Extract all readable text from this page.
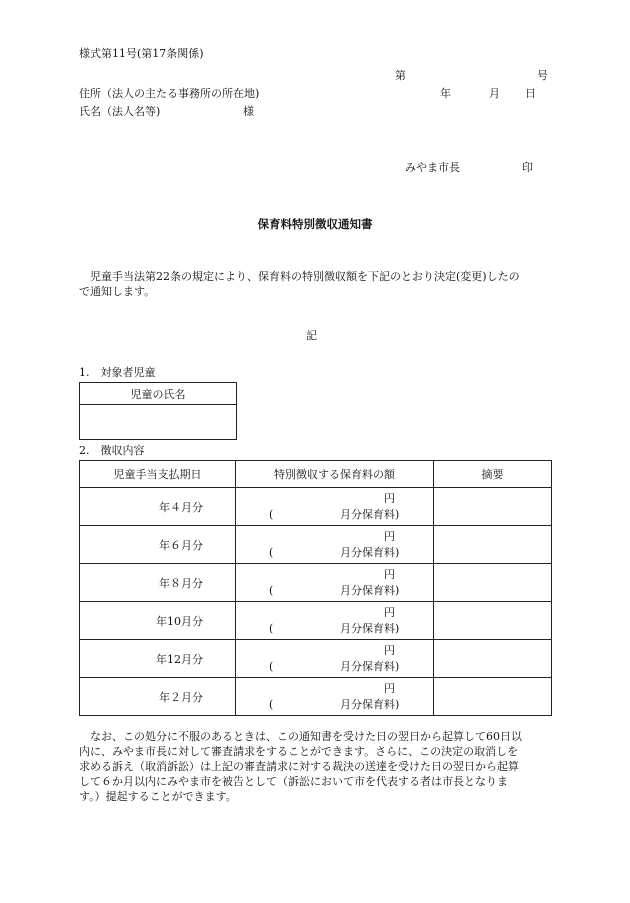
様式第11号(第17条関係)
第	号
住所（法人の主たる事務所の所在地)	年	月 日
氏名（法人名等)	様
みやま市長	印
保育料特別徴収通知書

　児童手当法第22条の規定により、保育料の特別徴収額を下記のとおり決定(変更)したの

で通知します。

記
1.　対象者児童
児童の氏名

2.　徴収内容
児童手当支払期日	特別徴収する保育料の額	摘要
年４月分	円
( 月分保育料)	

年６月分	円
( 月分保育料)	

年８月分	円
( 月分保育料)	

年10月分	円
( 月分保育料)	

年12月分	円
( 月分保育料)	

年２月分	円
( 月分保育料)	

　なお、この処分に不服のあるときは、この通知書を受けた日の翌日から起算して60日以

内に、みやま市長に対して審査請求をすることができます。さらに、この決定の取消しを

求める訴え（取消訴訟）は上記の審査請求に対する裁決の送達を受けた日の翌日から起算

して６か月以内にみやま市を被告として（訴訟において市を代表する者は市長となりま

す。）提起することができます。
